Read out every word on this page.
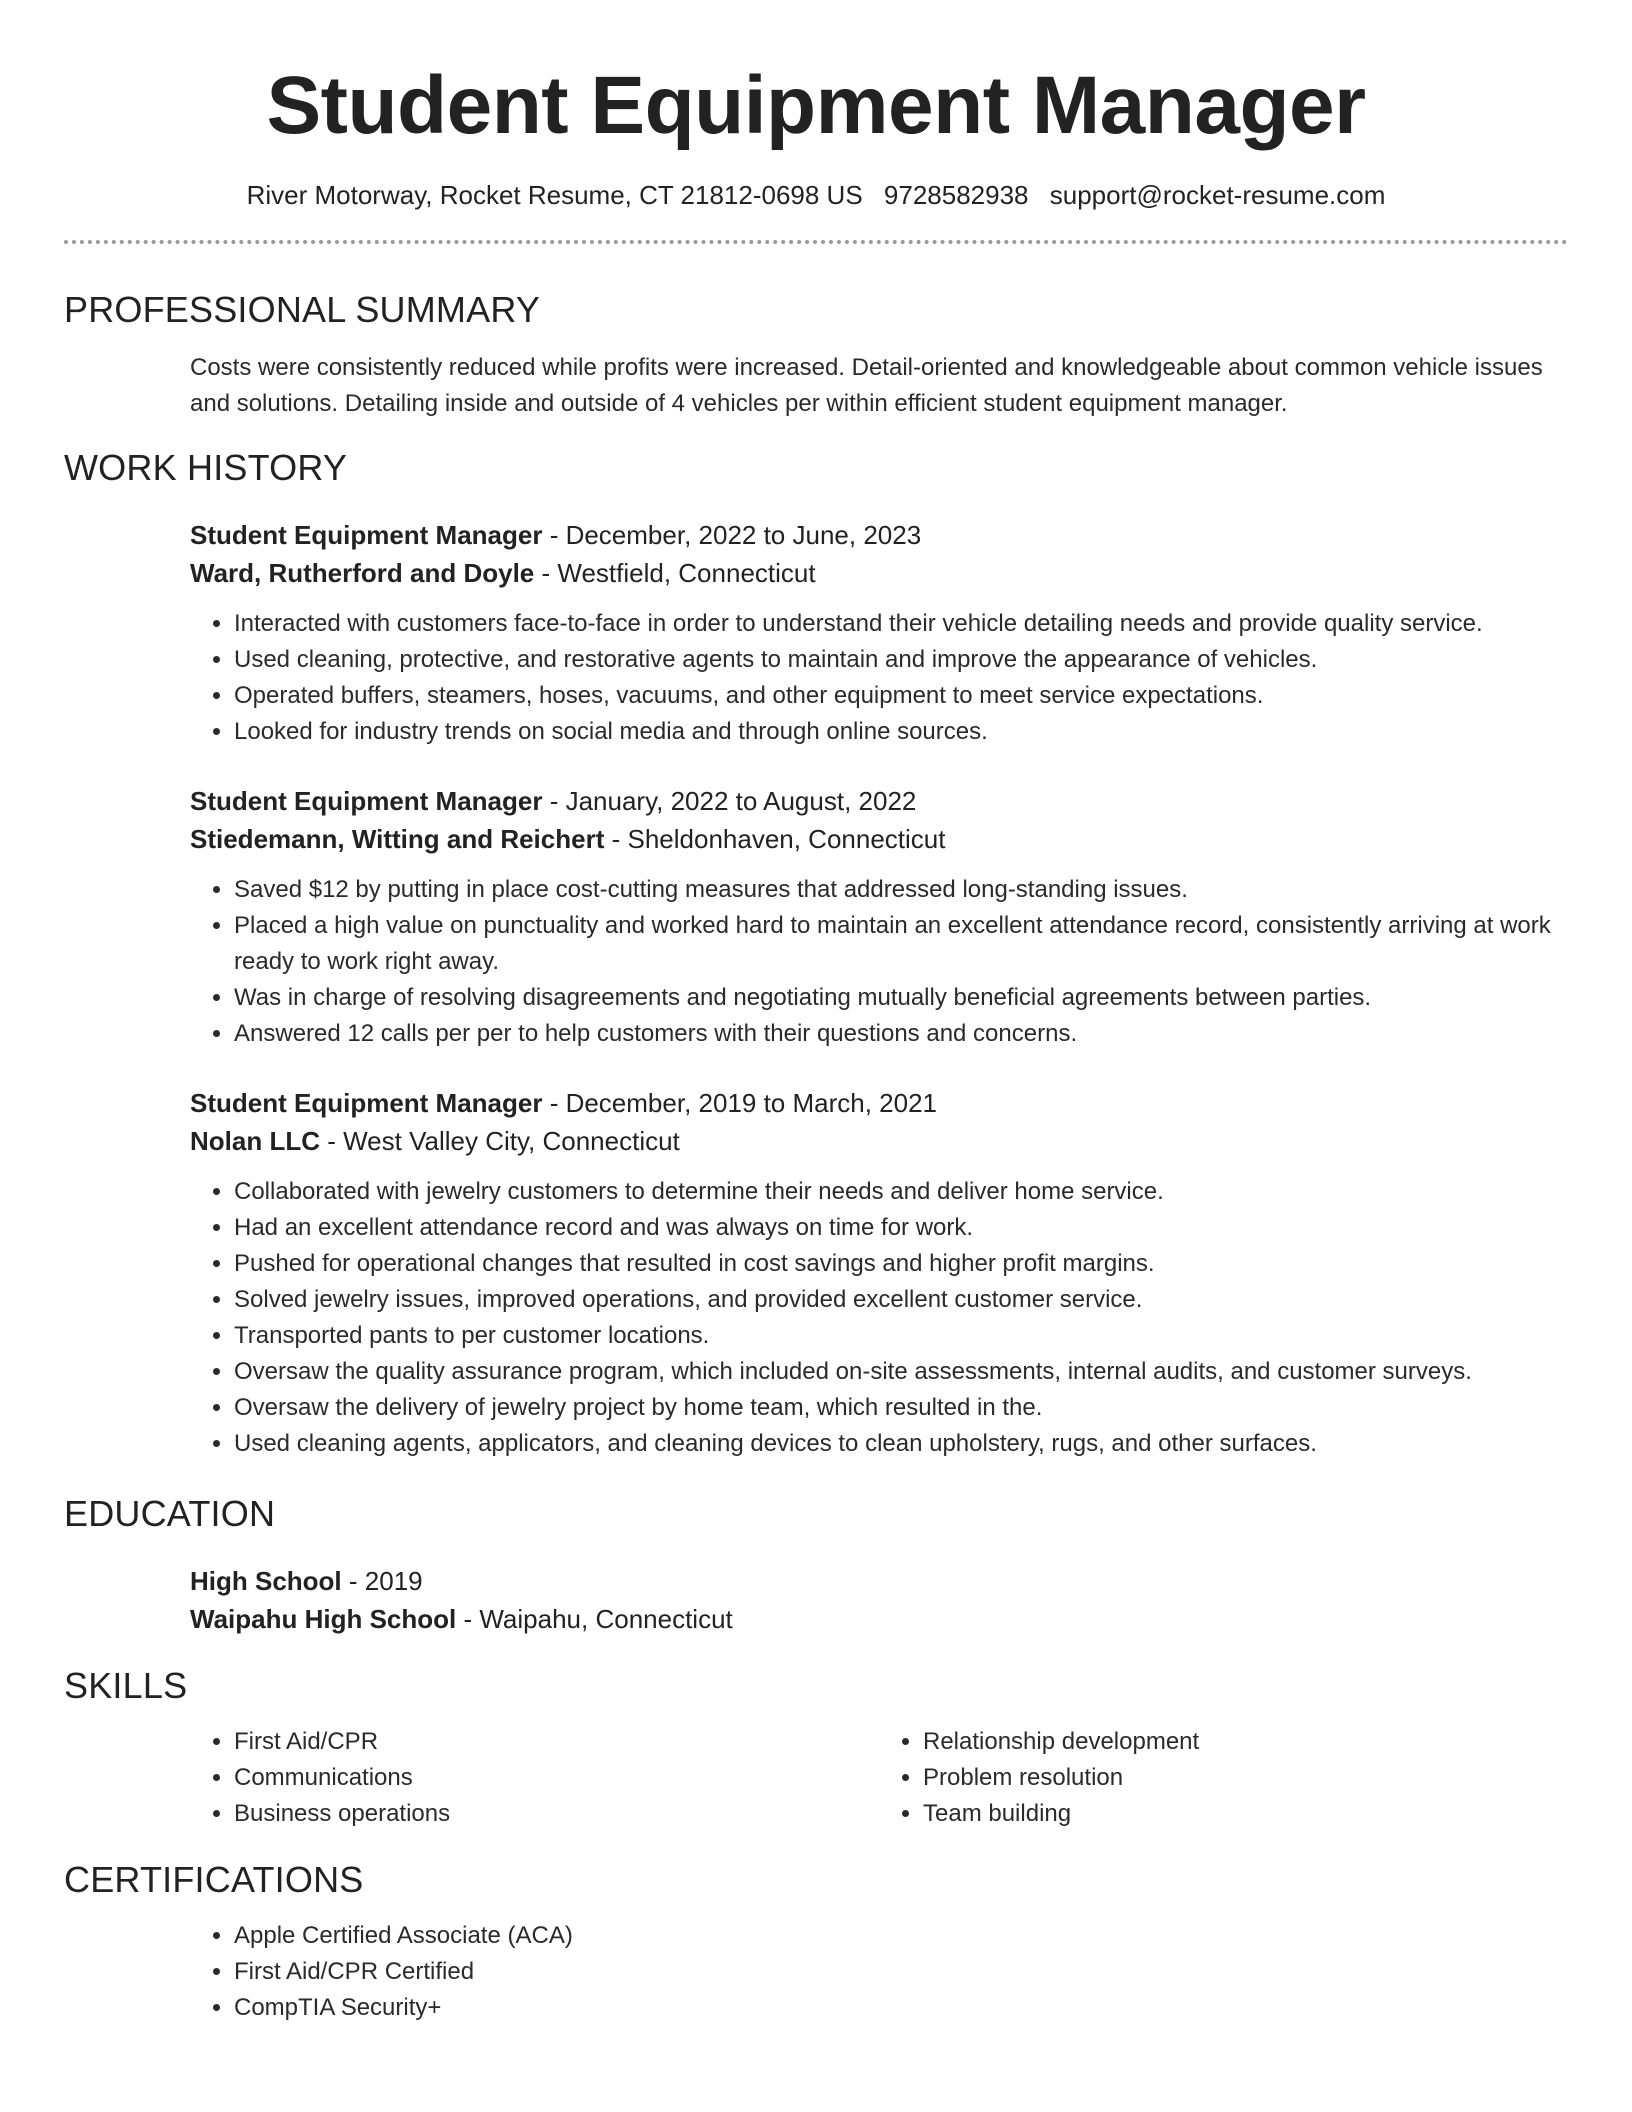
Student Equipment Manager
River Motorway, Rocket Resume, CT 21812-0698 US 9728582938 support@rocket-resume.com
PROFESSIONAL SUMMARY
Costs were consistently reduced while profits were increased. Detail-oriented and knowledgeable about common vehicle issues and solutions. Detailing inside and outside of 4 vehicles per within efficient student equipment manager.
WORK HISTORY
Student Equipment Manager - December, 2022 to June, 2023
Ward, Rutherford and Doyle - Westfield, Connecticut
• Interacted with customers face-to-face in order to understand their vehicle detailing needs and provide quality service.
• Used cleaning, protective, and restorative agents to maintain and improve the appearance of vehicles.
• Operated buffers, steamers, hoses, vacuums, and other equipment to meet service expectations.
• Looked for industry trends on social media and through online sources.
Student Equipment Manager - January, 2022 to August, 2022
Stiedemann, Witting and Reichert - Sheldonhaven, Connecticut
• Saved $12 by putting in place cost-cutting measures that addressed long-standing issues.
• Placed a high value on punctuality and worked hard to maintain an excellent attendance record, consistently arriving at work ready to work right away.
• Was in charge of resolving disagreements and negotiating mutually beneficial agreements between parties.
• Answered 12 calls per per to help customers with their questions and concerns.
Student Equipment Manager - December, 2019 to March, 2021
Nolan LLC - West Valley City, Connecticut
• Collaborated with jewelry customers to determine their needs and deliver home service.
• Had an excellent attendance record and was always on time for work.
• Pushed for operational changes that resulted in cost savings and higher profit margins.
• Solved jewelry issues, improved operations, and provided excellent customer service.
• Transported pants to per customer locations.
• Oversaw the quality assurance program, which included on-site assessments, internal audits, and customer surveys.
• Oversaw the delivery of jewelry project by home team, which resulted in the.
• Used cleaning agents, applicators, and cleaning devices to clean upholstery, rugs, and other surfaces.
EDUCATION
High School - 2019
Waipahu High School - Waipahu, Connecticut
SKILLS
• First Aid/CPR
• Communications
• Business operations
• Relationship development
• Problem resolution
• Team building
CERTIFICATIONS
• Apple Certified Associate (ACA)
• First Aid/CPR Certified
• CompTIA Security+
